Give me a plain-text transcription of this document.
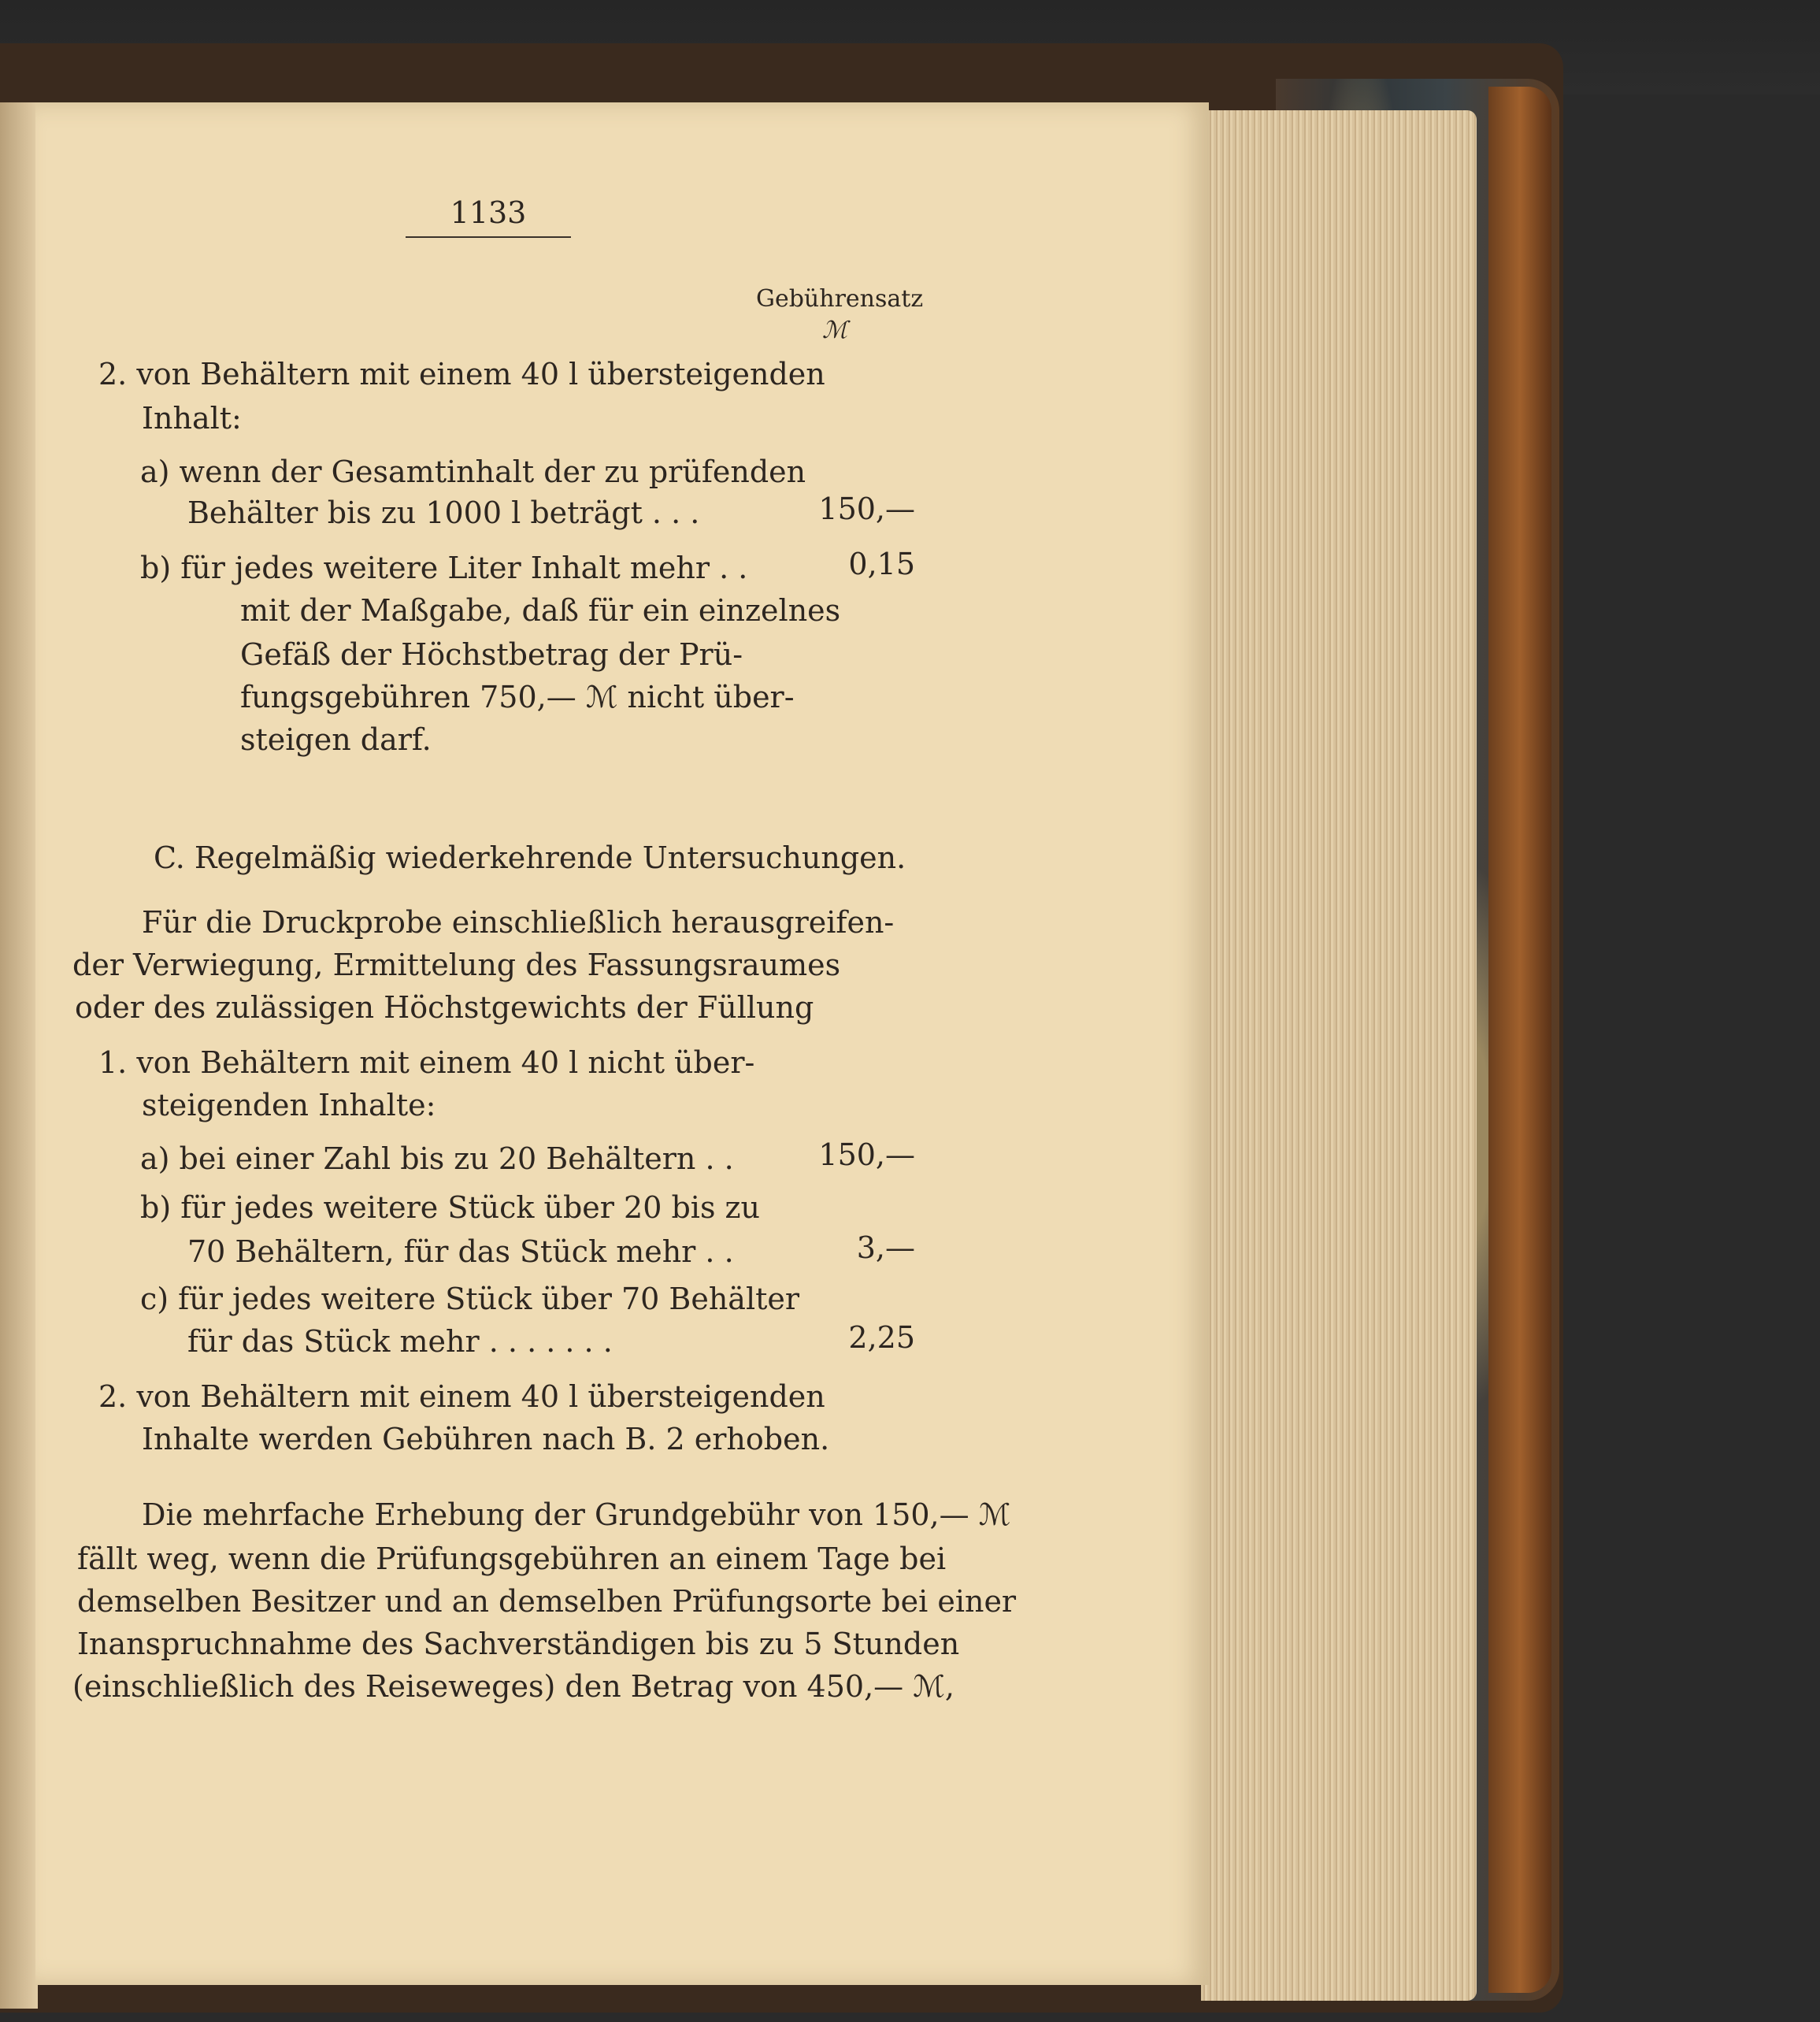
1133
Gebührensatz
ℳ
2. von Behältern mit einem 40 l übersteigenden
Inhalt:
a) wenn der Gesamtinhalt der zu prüfenden
Behälter bis zu 1000 l beträgt . . .	150,—
b) für jedes weitere Liter Inhalt mehr . .	0,15
mit der Maßgabe, daß für ein einzelnes
Gefäß der Höchstbetrag der Prü-
fungsgebühren 750,— ℳ nicht über-
steigen darf.
C. Regelmäßig wiederkehrende Untersuchungen.
Für die Druckprobe einschließlich herausgreifen-
der Verwiegung, Ermittelung des Fassungsraumes
oder des zulässigen Höchstgewichts der Füllung
1. von Behältern mit einem 40 l nicht über-
steigenden Inhalte:
a) bei einer Zahl bis zu 20 Behältern . .	150,—
b) für jedes weitere Stück über 20 bis zu
70 Behältern, für das Stück mehr . .	3,—
c) für jedes weitere Stück über 70 Behälter
für das Stück mehr . . . . . . .	2,25
2. von Behältern mit einem 40 l übersteigenden
Inhalte werden Gebühren nach B. 2 erhoben.
Die mehrfache Erhebung der Grundgebühr von 150,— ℳ
fällt weg, wenn die Prüfungsgebühren an einem Tage bei
demselben Besitzer und an demselben Prüfungsorte bei einer
Inanspruchnahme des Sachverständigen bis zu 5 Stunden
(einschließlich des Reiseweges) den Betrag von 450,— ℳ,
